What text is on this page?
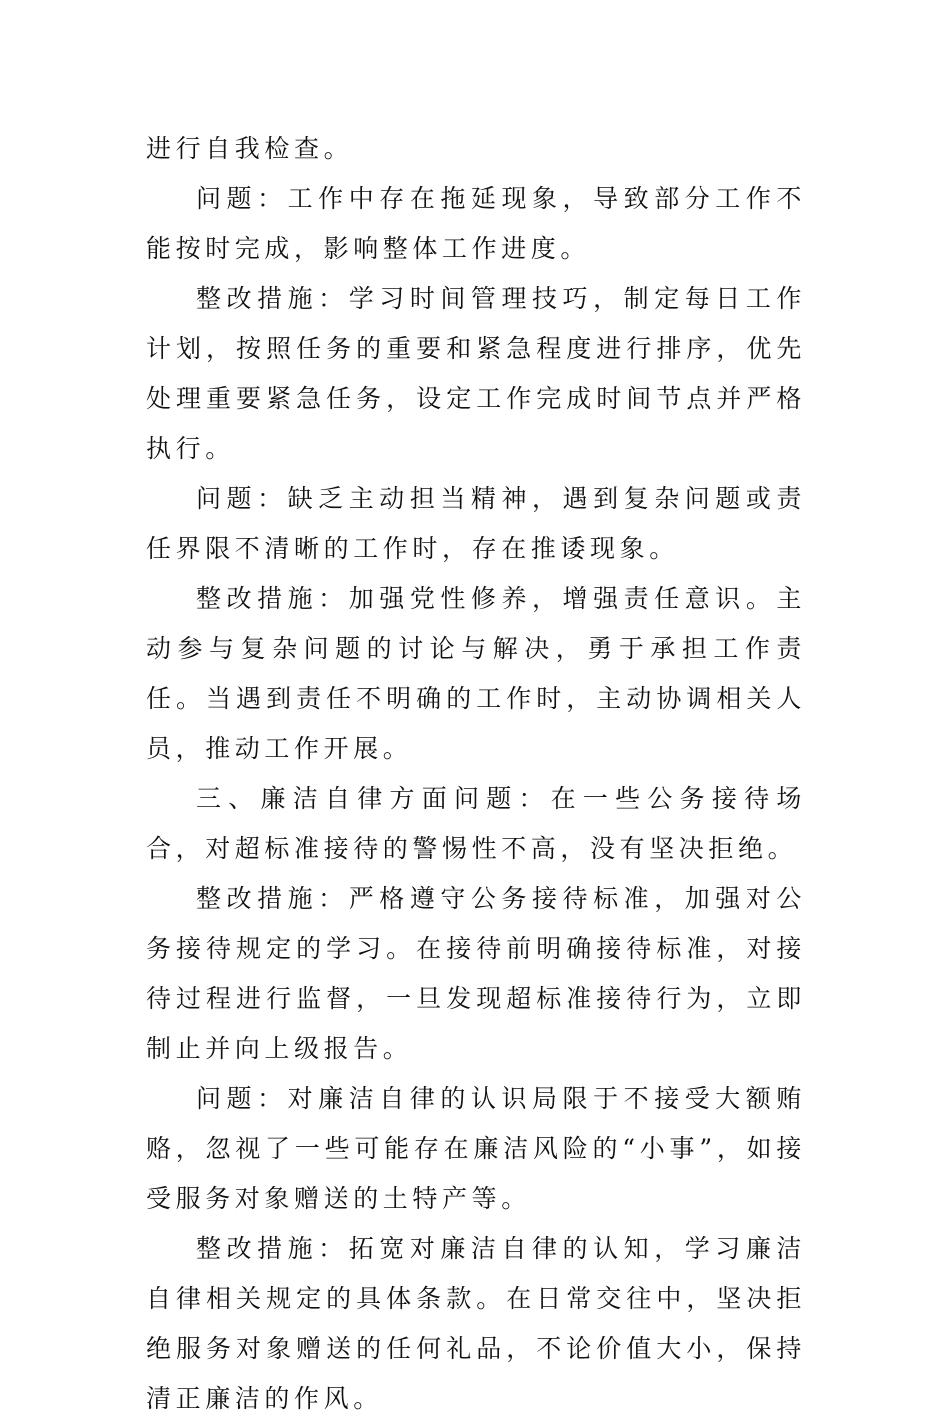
进行自我检查。

问题：工作中存在拖延现象，导致部分工作不能按时完成，影响整体工作进度。

整改措施：学习时间管理技巧，制定每日工作计划，按照任务的重要和紧急程度进行排序，优先处理重要紧急任务，设定工作完成时间节点并严格执行。

问题：缺乏主动担当精神，遇到复杂问题或责任界限不清晰的工作时，存在推诿现象。

整改措施：加强党性修养，增强责任意识。主动参与复杂问题的讨论与解决，勇于承担工作责任。当遇到责任不明确的工作时，主动协调相关人员，推动工作开展。

三、廉洁自律方面问题：在一些公务接待场合，对超标准接待的警惕性不高，没有坚决拒绝。

整改措施：严格遵守公务接待标准，加强对公务接待规定的学习。在接待前明确接待标准，对接待过程进行监督，一旦发现超标准接待行为，立即制止并向上级报告。

问题：对廉洁自律的认识局限于不接受大额贿赂，忽视了一些可能存在廉洁风险的“小事”，如接受服务对象赠送的土特产等。

整改措施：拓宽对廉洁自律的认知，学习廉洁自律相关规定的具体条款。在日常交往中，坚决拒绝服务对象赠送的任何礼品，不论价值大小，保持清正廉洁的作风。
